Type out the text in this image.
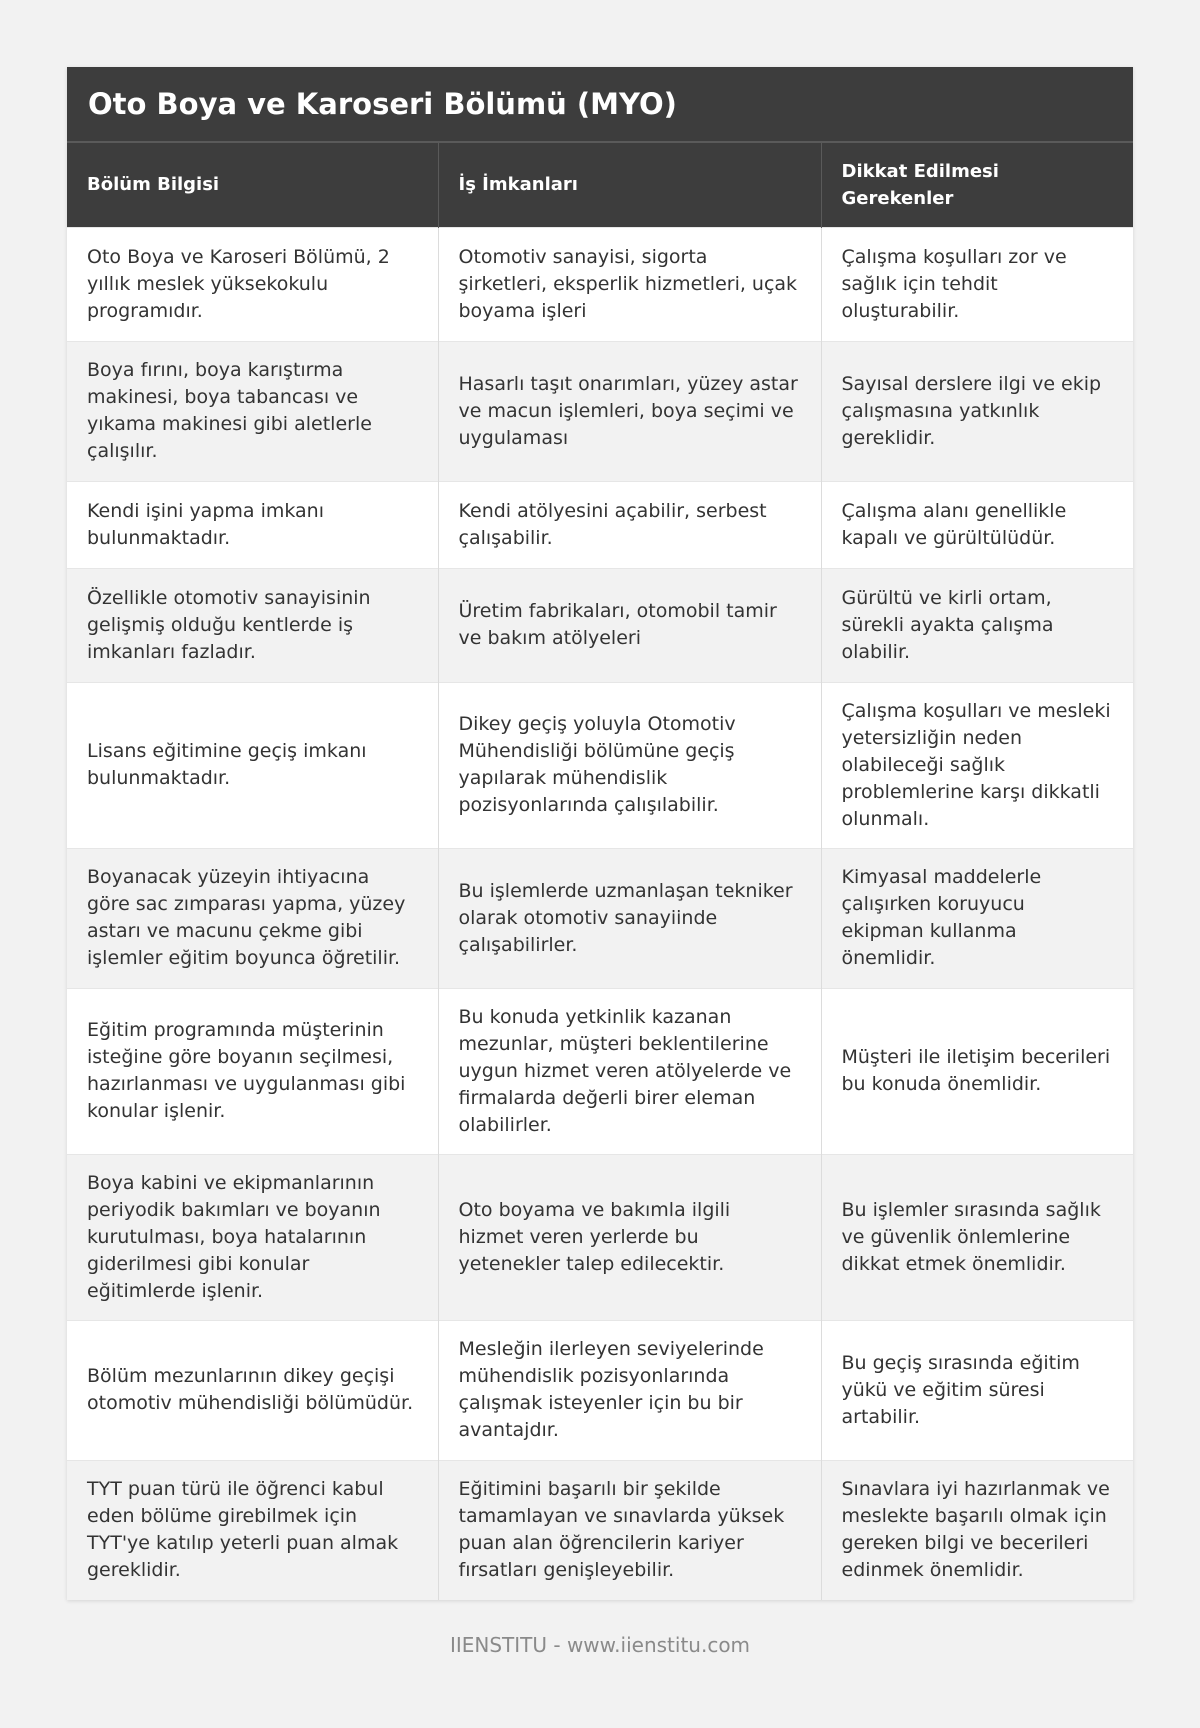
Oto Boya ve Karoseri Bölümü (MYO)
Bölüm Bilgisi	İş İmkanları	Dikkat Edilmesi Gerekenler
Oto Boya ve Karoseri Bölümü, 2 yıllık meslek yüksekokulu programıdır.	Otomotiv sanayisi, sigorta şirketleri, eksperlik hizmetleri, uçak boyama işleri	Çalışma koşulları zor ve sağlık için tehdit oluşturabilir.
Boya fırını, boya karıştırma makinesi, boya tabancası ve yıkama makinesi gibi aletlerle çalışılır.	Hasarlı taşıt onarımları, yüzey astar ve macun işlemleri, boya seçimi ve uygulaması	Sayısal derslere ilgi ve ekip çalışmasına yatkınlık gereklidir.
Kendi işini yapma imkanı bulunmaktadır.	Kendi atölyesini açabilir, serbest çalışabilir.	Çalışma alanı genellikle kapalı ve gürültülüdür.
Özellikle otomotiv sanayisinin gelişmiş olduğu kentlerde iş imkanları fazladır.	Üretim fabrikaları, otomobil tamir ve bakım atölyeleri	Gürültü ve kirli ortam, sürekli ayakta çalışma olabilir.
Lisans eğitimine geçiş imkanı bulunmaktadır.	Dikey geçiş yoluyla Otomotiv Mühendisliği bölümüne geçiş yapılarak mühendislik pozisyonlarında çalışılabilir.	Çalışma koşulları ve mesleki yetersizliğin neden olabileceği sağlık problemlerine karşı dikkatli olunmalı.
Boyanacak yüzeyin ihtiyacına göre sac zımparası yapma, yüzey astarı ve macunu çekme gibi işlemler eğitim boyunca öğretilir.	Bu işlemlerde uzmanlaşan tekniker olarak otomotiv sanayiinde çalışabilirler.	Kimyasal maddelerle çalışırken koruyucu ekipman kullanma önemlidir.
Eğitim programında müşterinin isteğine göre boyanın seçilmesi, hazırlanması ve uygulanması gibi konular işlenir.	Bu konuda yetkinlik kazanan mezunlar, müşteri beklentilerine uygun hizmet veren atölyelerde ve firmalarda değerli birer eleman olabilirler.	Müşteri ile iletişim becerileri bu konuda önemlidir.
Boya kabini ve ekipmanlarının periyodik bakımları ve boyanın kurutulması, boya hatalarının giderilmesi gibi konular eğitimlerde işlenir.	Oto boyama ve bakımla ilgili hizmet veren yerlerde bu yetenekler talep edilecektir.	Bu işlemler sırasında sağlık ve güvenlik önlemlerine dikkat etmek önemlidir.
Bölüm mezunlarının dikey geçişi otomotiv mühendisliği bölümüdür.	Mesleğin ilerleyen seviyelerinde mühendislik pozisyonlarında çalışmak isteyenler için bu bir avantajdır.	Bu geçiş sırasında eğitim yükü ve eğitim süresi artabilir.
TYT puan türü ile öğrenci kabul eden bölüme girebilmek için TYT'ye katılıp yeterli puan almak gereklidir.	Eğitimini başarılı bir şekilde tamamlayan ve sınavlarda yüksek puan alan öğrencilerin kariyer fırsatları genişleyebilir.	Sınavlara iyi hazırlanmak ve meslekte başarılı olmak için gereken bilgi ve becerileri edinmek önemlidir.
IIENSTITU - www.iienstitu.com
